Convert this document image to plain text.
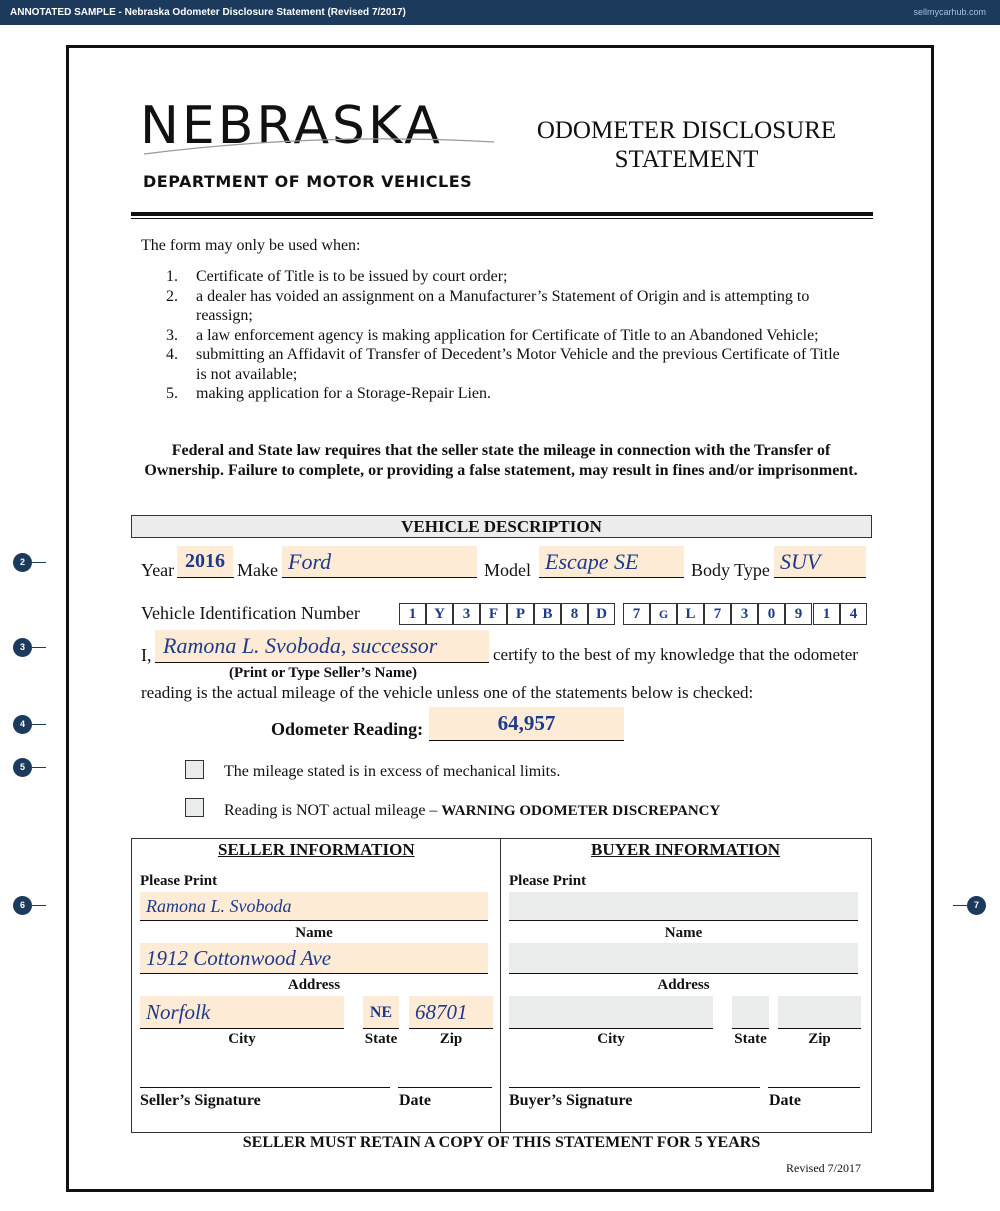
ANNOTATED SAMPLE - Nebraska Odometer Disclosure Statement (Revised 7/2017)	sellmycarhub.com
2
3
4
5
6	7
NEBRASKA
DEPARTMENT OF MOTOR VEHICLES
ODOMETER DISCLOSURE
STATEMENT
The form may only be used when:
1. Certificate of Title is to be issued by court order;
2. a dealer has voided an assignment on a Manufacturer’s Statement of Origin and is attempting to reassign;
3. a law enforcement agency is making application for Certificate of Title to an Abandoned Vehicle;
4. submitting an Affidavit of Transfer of Decedent’s Motor Vehicle and the previous Certificate of Title is not available;
5. making application for a Storage-Repair Lien.
Federal and State law requires that the seller state the mileage in connection with the Transfer of Ownership. Failure to complete, or providing a false statement, may result in fines and/or imprisonment.
VEHICLE DESCRIPTION
Year 2016 Make Ford	Model Escape SE	Body Type SUV
Vehicle Identification Number	1	Y	3	F	P	B	8	D	7	G	L	7	3	0	9	1	4
I, Ramona L. Svoboda, successor	certify to the best of my knowledge that the odometer
(Print or Type Seller’s Name)
reading is the actual mileage of the vehicle unless one of the statements below is checked:
Odometer Reading:	64,957
The mileage stated is in excess of mechanical limits.
Reading is NOT actual mileage – WARNING ODOMETER DISCREPANCY
SELLER INFORMATION
Please Print
Ramona L. Svoboda
Name
1912 Cottonwood Ave
Address
Norfolk
City
NE
State
68701
Zip
Seller’s Signature	Date
BUYER INFORMATION
Please Print
Name
Address
City	State	Zip
Buyer’s Signature	Date
SELLER MUST RETAIN A COPY OF THIS STATEMENT FOR 5 YEARS
Revised 7/2017
